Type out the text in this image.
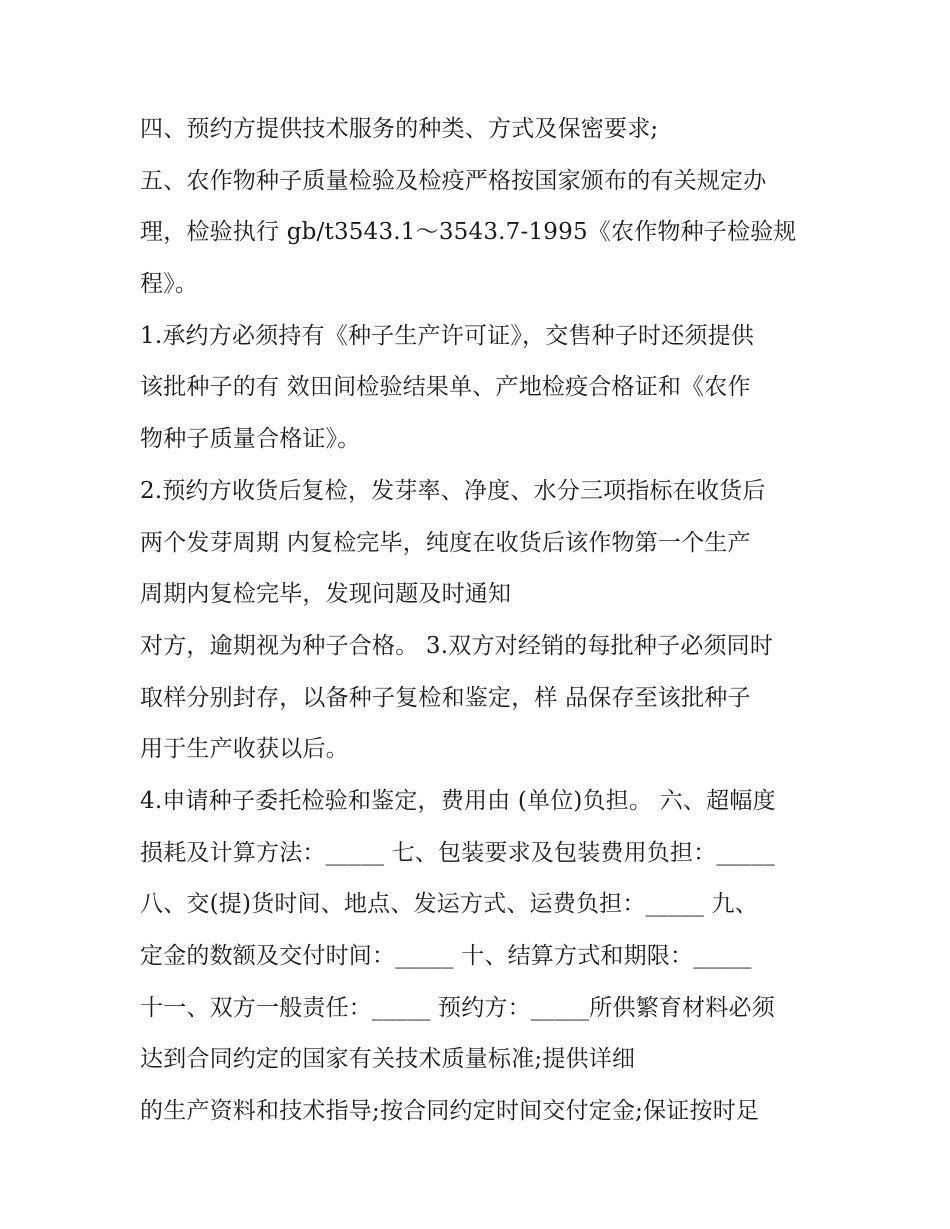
四、预约方提供技术服务的种类、方式及保密要求;
五、农作物种子质量检验及检疫严格按国家颁布的有关规定办
理，检验执行 gb/t3543.1～3543.7-1995《农作物种子检验规
程》。
1.承约方必须持有《种子生产许可证》，交售种子时还须提供
该批种子的有 效田间检验结果单、产地检疫合格证和《农作
物种子质量合格证》。
2.预约方收货后复检，发芽率、净度、水分三项指标在收货后
两个发芽周期 内复检完毕，纯度在收货后该作物第一个生产
周期内复检完毕，发现问题及时通知
对方，逾期视为种子合格。 3.双方对经销的每批种子必须同时
取样分别封存，以备种子复检和鉴定，样 品保存至该批种子
用于生产收获以后。
4.申请种子委托检验和鉴定，费用由 (单位)负担。 六、超幅度
损耗及计算方法：_____ 七、包装要求及包装费用负担：_____
八、交(提)货时间、地点、发运方式、运费负担：_____ 九、
定金的数额及交付时间：_____ 十、结算方式和期限：_____
十一、双方一般责任：_____ 预约方：_____所供繁育材料必须
达到合同约定的国家有关技术质量标准;提供详细
的生产资料和技术指导;按合同约定时间交付定金;保证按时足
